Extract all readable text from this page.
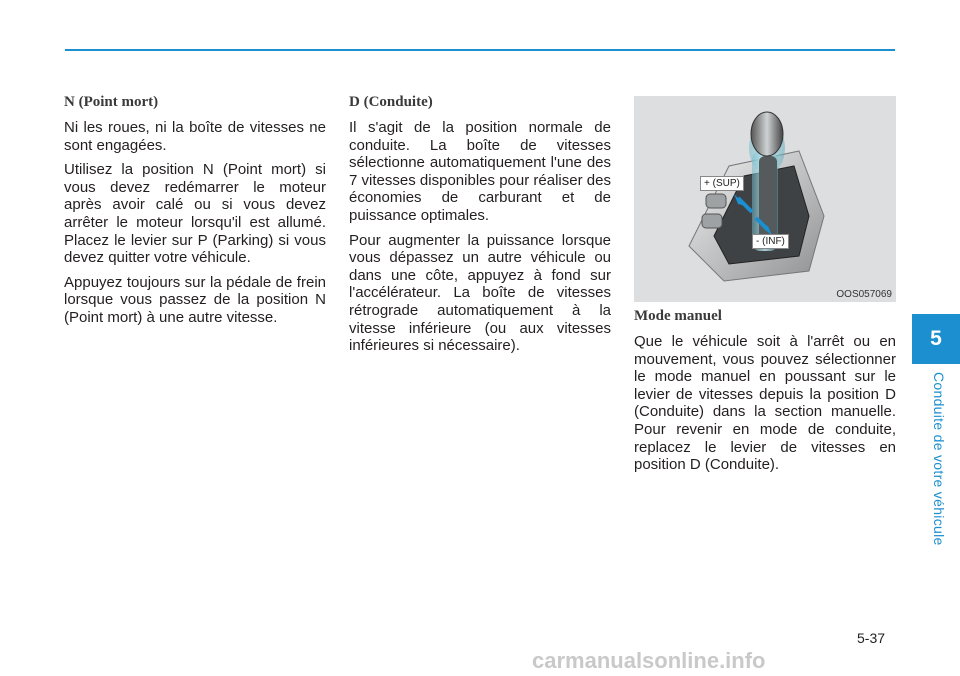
N (Point mort)

Ni les roues, ni la boîte de vitesses ne sont engagées.

Utilisez la position N (Point mort) si vous devez redémarrer le moteur après avoir calé ou si vous devez arrêter le moteur lorsqu'il est allumé. Placez le levier sur P (Parking) si vous devez quitter votre véhicule.

Appuyez toujours sur la pédale de frein lorsque vous passez de la position N (Point mort) à une autre vitesse.

D (Conduite)

Il s'agit de la position normale de conduite. La boîte de vitesses sélectionne automatiquement l'une des 7 vitesses disponibles pour réaliser des économies de carburant et de puissance optimales.

Pour augmenter la puissance lorsque vous dépassez un autre véhicule ou dans une côte, appuyez à fond sur l'accélérateur. La boîte de vitesses rétrograde automatiquement à la vitesse inférieure (ou aux vitesses inférieures si nécessaire).

+ (SUP)
- (INF)
OOS057069

Mode manuel

Que le véhicule soit à l'arrêt ou en mouvement, vous pouvez sélectionner le mode manuel en poussant sur le levier de vitesses depuis la position D (Conduite) dans la section manuelle. Pour revenir en mode de conduite, replacez le levier de vitesses en position D (Conduite).

5
Conduite de votre véhicule
5-37
carmanualsonline.info
